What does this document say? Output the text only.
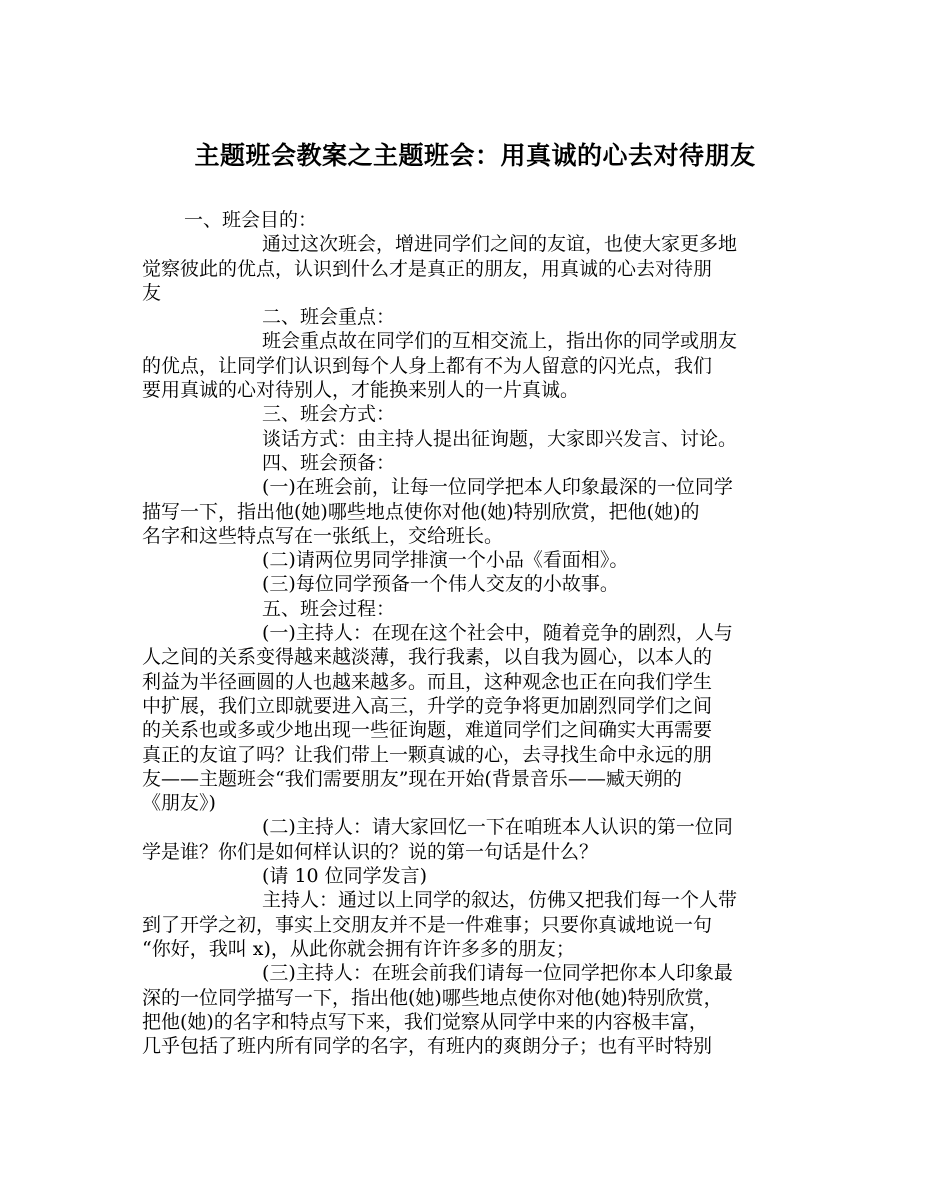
主题班会教案之主题班会：用真诚的心去对待朋友
一、班会目的：
通过这次班会，增进同学们之间的友谊，也使大家更多地
觉察彼此的优点，认识到什么才是真正的朋友，用真诚的心去对待朋
友
二、班会重点：
班会重点故在同学们的互相交流上，指出你的同学或朋友
的优点，让同学们认识到每个人身上都有不为人留意的闪光点，我们
要用真诚的心对待别人，才能换来别人的一片真诚。
三、班会方式：
谈话方式：由主持人提出征询题，大家即兴发言、讨论。
四、班会预备：
(一)在班会前，让每一位同学把本人印象最深的一位同学
描写一下，指出他(她)哪些地点使你对他(她)特别欣赏，把他(她)的
名字和这些特点写在一张纸上，交给班长。
(二)请两位男同学排演一个小品《看面相》。
(三)每位同学预备一个伟人交友的小故事。
五、班会过程：
(一)主持人：在现在这个社会中，随着竞争的剧烈，人与
人之间的关系变得越来越淡薄，我行我素，以自我为圆心，以本人的
利益为半径画圆的人也越来越多。而且，这种观念也正在向我们学生
中扩展，我们立即就要进入高三，升学的竞争将更加剧烈同学们之间
的关系也或多或少地出现一些征询题，难道同学们之间确实大再需要
真正的友谊了吗？让我们带上一颗真诚的心，去寻找生命中永远的朋
友——主题班会“我们需要朋友”现在开始(背景音乐——臧天朔的
《朋友》)
(二)主持人：请大家回忆一下在咱班本人认识的第一位同
学是谁？你们是如何样认识的？说的第一句话是什么？
(请 10 位同学发言)
主持人：通过以上同学的叙达，仿佛又把我们每一个人带
到了开学之初，事实上交朋友并不是一件难事；只要你真诚地说一句
“你好，我叫 x)，从此你就会拥有许许多多的朋友；
(三)主持人：在班会前我们请每一位同学把你本人印象最
深的一位同学描写一下，指出他(她)哪些地点使你对他(她)特别欣赏，
把他(她)的名字和特点写下来，我们觉察从同学中来的内容极丰富，
几乎包括了班内所有同学的名字，有班内的爽朗分子；也有平时特别
